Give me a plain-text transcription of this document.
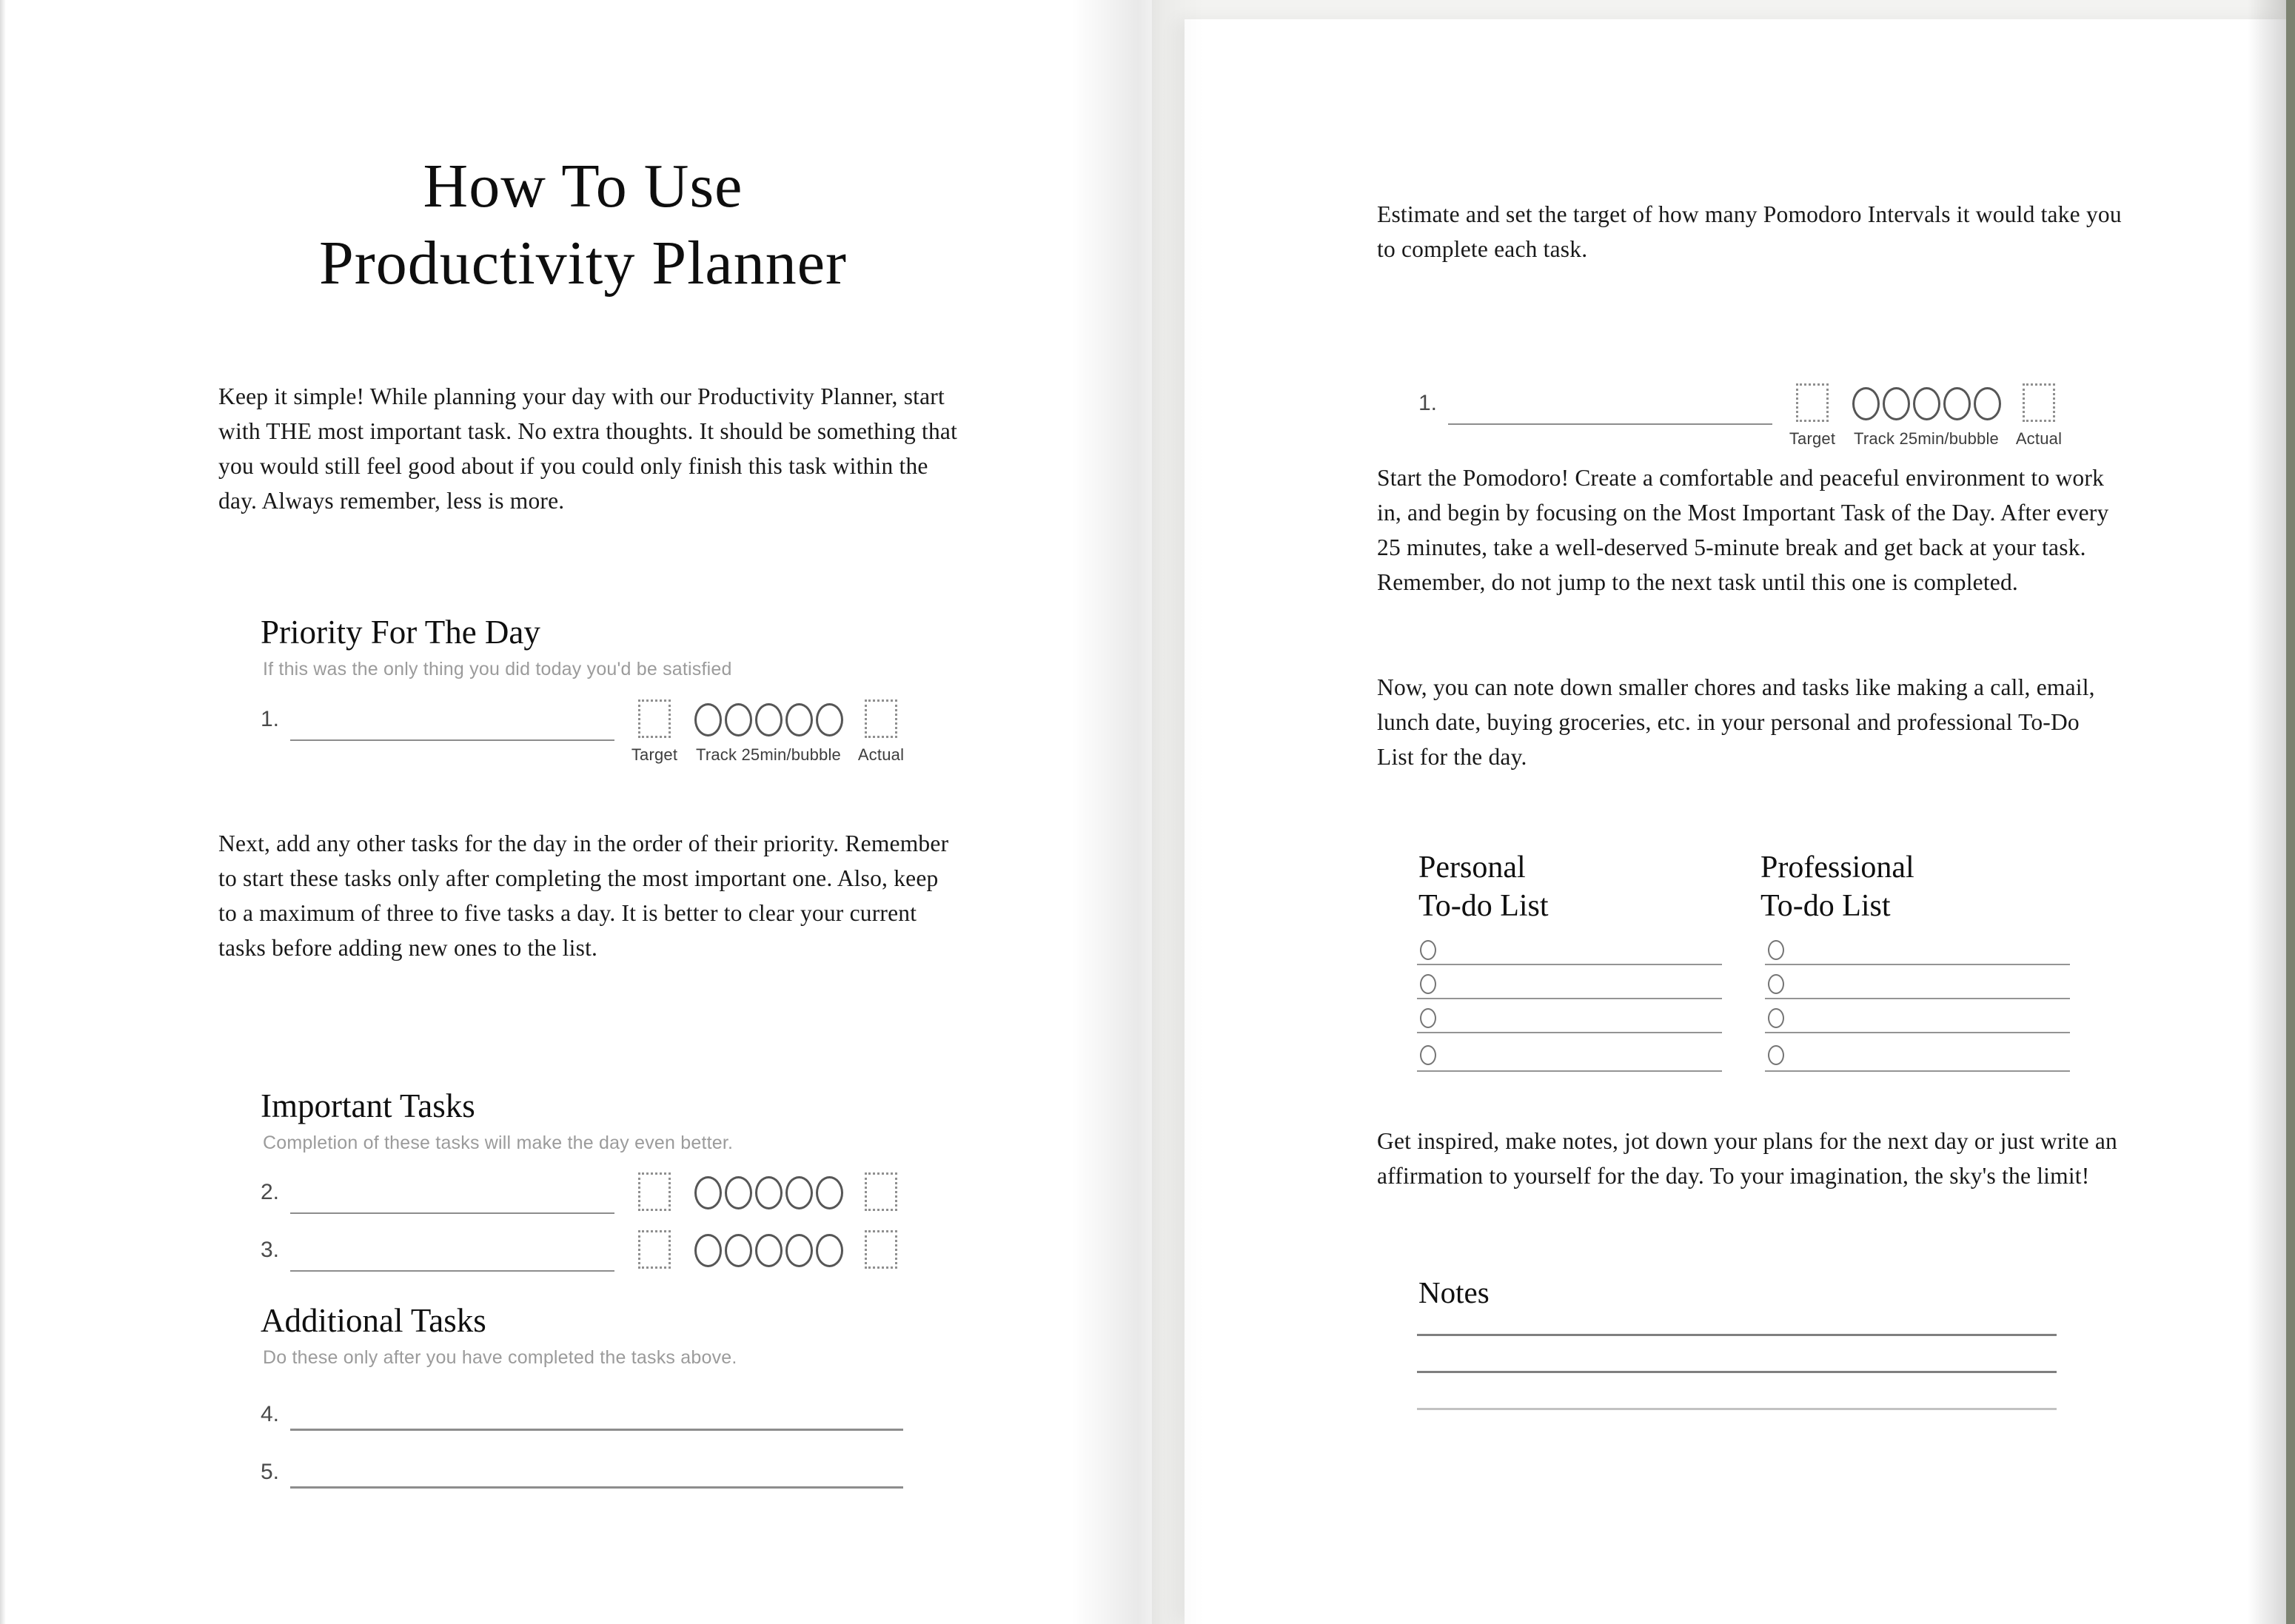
How To Use
Productivity Planner

Keep it simple! While planning your day with our Productivity Planner, start with THE most important task. No extra thoughts. It should be something that you would still feel good about if you could only finish this task within the day. Always remember, less is more.

Priority For The Day
If this was the only thing you did today you'd be satisfied
1.
Target	Track 25min/bubble	Actual

Next, add any other tasks for the day in the order of their priority. Remember to start these tasks only after completing the most important one. Also, keep to a maximum of three to five tasks a day. It is better to clear your current tasks before adding new ones to the list.

Important Tasks
Completion of these tasks will make the day even better.
2.
3.
Additional Tasks
Do these only after you have completed the tasks above.
4.
5.

Estimate and set the target of how many Pomodoro Intervals it would take you to complete each task.

1.
Target	Track 25min/bubble	Actual

Start the Pomodoro! Create a comfortable and peaceful environment to work in, and begin by focusing on the Most Important Task of the Day. After every 25 minutes, take a well-deserved 5-minute break and get back at your task. Remember, do not jump to the next task until this one is completed.

Now, you can note down smaller chores and tasks like making a call, email, lunch date, buying groceries, etc. in your personal and professional To-Do List for the day.

Personal
To-do List
Professional
To-do List

Get inspired, make notes, jot down your plans for the next day or just write an affirmation to yourself for the day. To your imagination, the sky's the limit!

Notes
